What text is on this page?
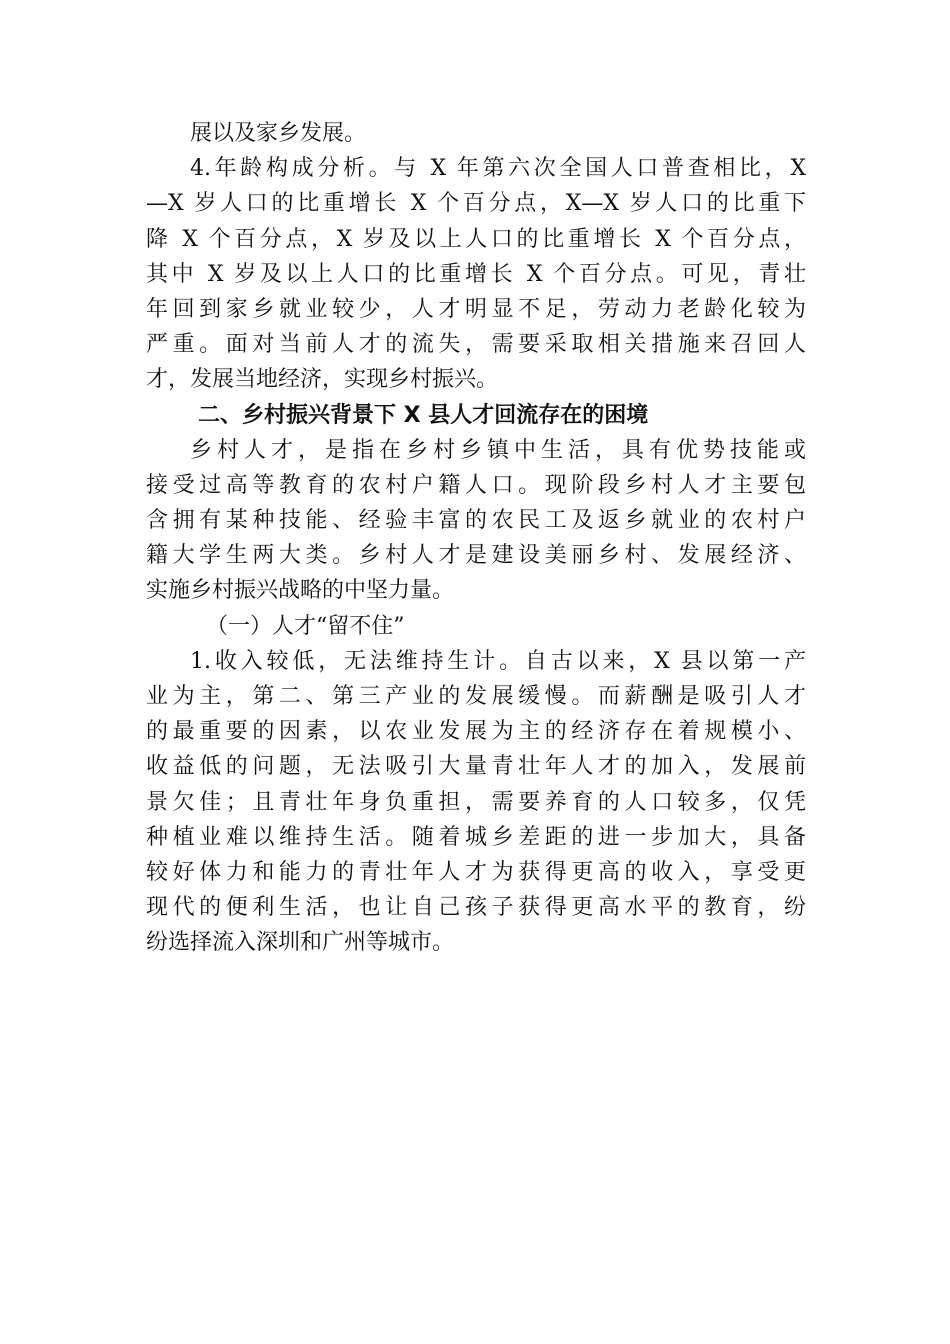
展以及家乡发展。
4.年龄构成分析。与 X 年第六次全国人口普查相比，X
—X 岁人口的比重增长 X 个百分点，X—X 岁人口的比重下
降 X 个百分点，X 岁及以上人口的比重增长 X 个百分点，
其中 X 岁及以上人口的比重增长 X 个百分点。可见，青壮
年回到家乡就业较少，人才明显不足，劳动力老龄化较为
严重。面对当前人才的流失，需要采取相关措施来召回人
才，发展当地经济，实现乡村振兴。
二、乡村振兴背景下 X 县人才回流存在的困境
乡村人才，是指在乡村乡镇中生活，具有优势技能或
接受过高等教育的农村户籍人口。现阶段乡村人才主要包
含拥有某种技能、经验丰富的农民工及返乡就业的农村户
籍大学生两大类。乡村人才是建设美丽乡村、发展经济、
实施乡村振兴战略的中坚力量。
（一）人才“留不住”
1.收入较低，无法维持生计。自古以来，X 县以第一产
业为主，第二、第三产业的发展缓慢。而薪酬是吸引人才
的最重要的因素，以农业发展为主的经济存在着规模小、
收益低的问题，无法吸引大量青壮年人才的加入，发展前
景欠佳；且青壮年身负重担，需要养育的人口较多，仅凭
种植业难以维持生活。随着城乡差距的进一步加大，具备
较好体力和能力的青壮年人才为获得更高的收入，享受更
现代的便利生活，也让自己孩子获得更高水平的教育，纷
纷选择流入深圳和广州等城市。
